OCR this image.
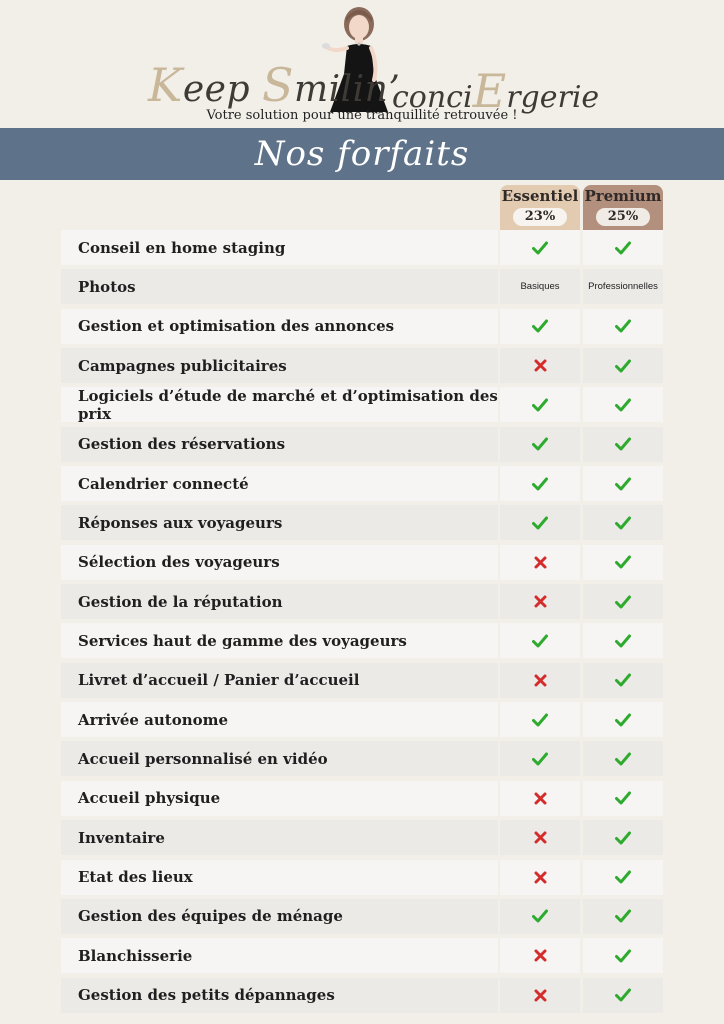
Keep Smilin’
conciErgerie
Votre solution pour une tranquillité retrouvée !
Nos forfaits
Essentiel
23%
Premium
25%
Conseil en home staging
Photos	Basiques	Professionnelles
Gestion et optimisation des annonces
Campagnes publicitaires
Logiciels d’étude de marché et d’optimisation des prix
Gestion des réservations
Calendrier connecté
Réponses aux voyageurs
Sélection des voyageurs
Gestion de la réputation
Services haut de gamme des voyageurs
Livret d’accueil / Panier d’accueil
Arrivée autonome
Accueil personnalisé en vidéo
Accueil physique
Inventaire
Etat des lieux
Gestion des équipes de ménage
Blanchisserie
Gestion des petits dépannages
